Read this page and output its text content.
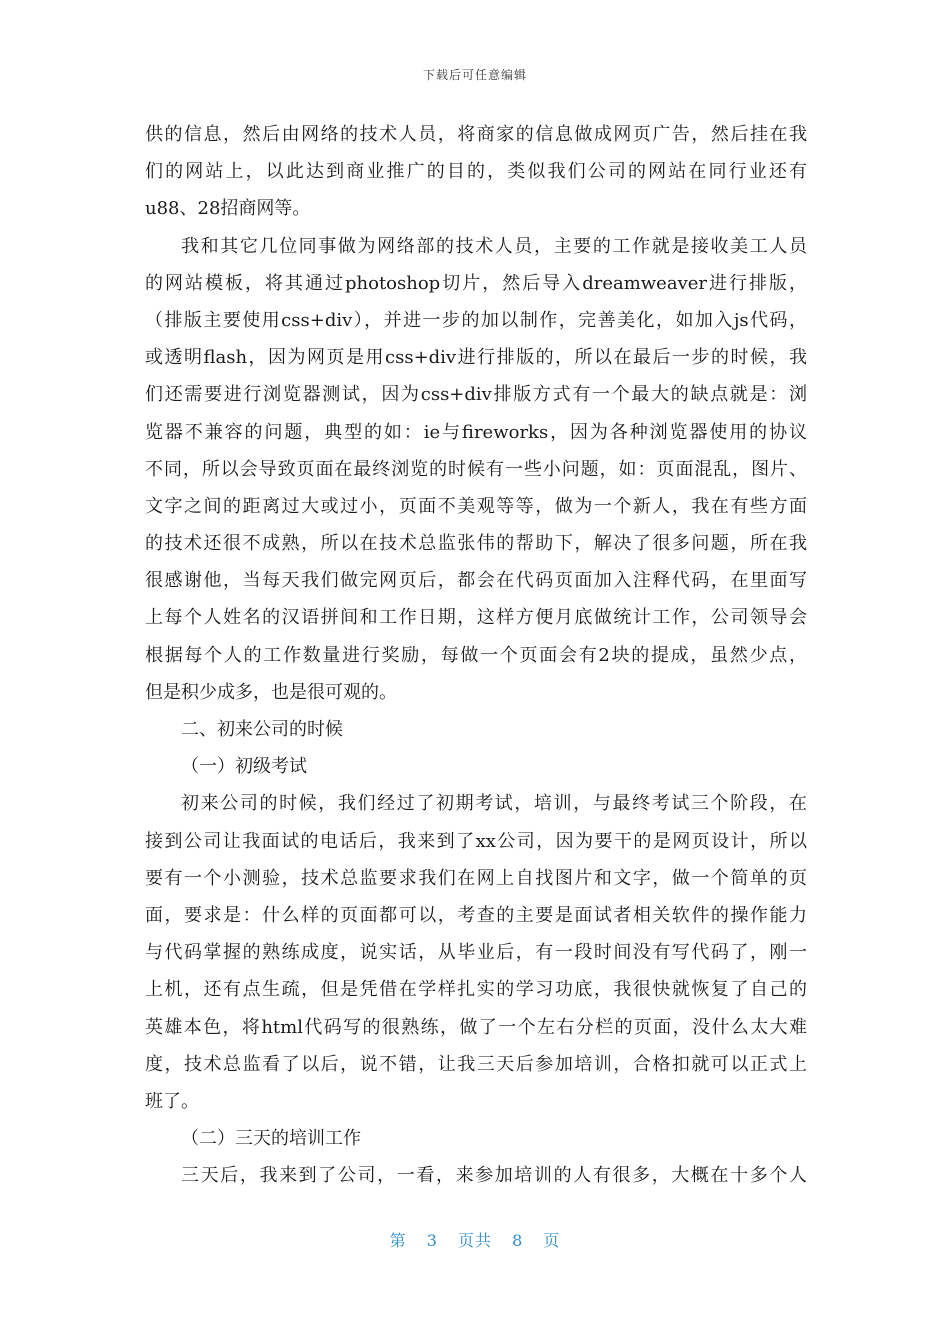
下载后可任意编辑
供的信息，然后由网络的技术人员，将商家的信息做成网页广告，然后挂在我
们的网站上，以此达到商业推广的目的，类似我们公司的网站在同行业还有
u88、28招商网等。
我和其它几位同事做为网络部的技术人员，主要的工作就是接收美工人员
的网站模板，将其通过photoshop切片，然后导入dreamweaver进行排版，
（排版主要使用css+div），并进一步的加以制作，完善美化，如加入js代码，
或透明flash，因为网页是用css+div进行排版的，所以在最后一步的时候，我
们还需要进行浏览器测试，因为css+div排版方式有一个最大的缺点就是：浏
览器不兼容的问题，典型的如：ie与fireworks，因为各种浏览器使用的协议
不同，所以会导致页面在最终浏览的时候有一些小问题，如：页面混乱，图片、
文字之间的距离过大或过小，页面不美观等等，做为一个新人，我在有些方面
的技术还很不成熟，所以在技术总监张伟的帮助下，解决了很多问题，所在我
很感谢他，当每天我们做完网页后，都会在代码页面加入注释代码，在里面写
上每个人姓名的汉语拼间和工作日期，这样方便月底做统计工作，公司领导会
根据每个人的工作数量进行奖励，每做一个页面会有2块的提成，虽然少点，
但是积少成多，也是很可观的。
二、初来公司的时候
（一）初级考试
初来公司的时候，我们经过了初期考试，培训，与最终考试三个阶段，在
接到公司让我面试的电话后，我来到了xx公司，因为要干的是网页设计，所以
要有一个小测验，技术总监要求我们在网上自找图片和文字，做一个简单的页
面，要求是：什么样的页面都可以，考查的主要是面试者相关软件的操作能力
与代码掌握的熟练成度，说实话，从毕业后，有一段时间没有写代码了，刚一
上机，还有点生疏，但是凭借在学样扎实的学习功底，我很快就恢复了自己的
英雄本色，将html代码写的很熟练，做了一个左右分栏的页面，没什么太大难
度，技术总监看了以后，说不错，让我三天后参加培训，合格扣就可以正式上
班了。
（二）三天的培训工作
三天后，我来到了公司，一看，来参加培训的人有很多，大概在十多个人
第 3 页共 8 页
